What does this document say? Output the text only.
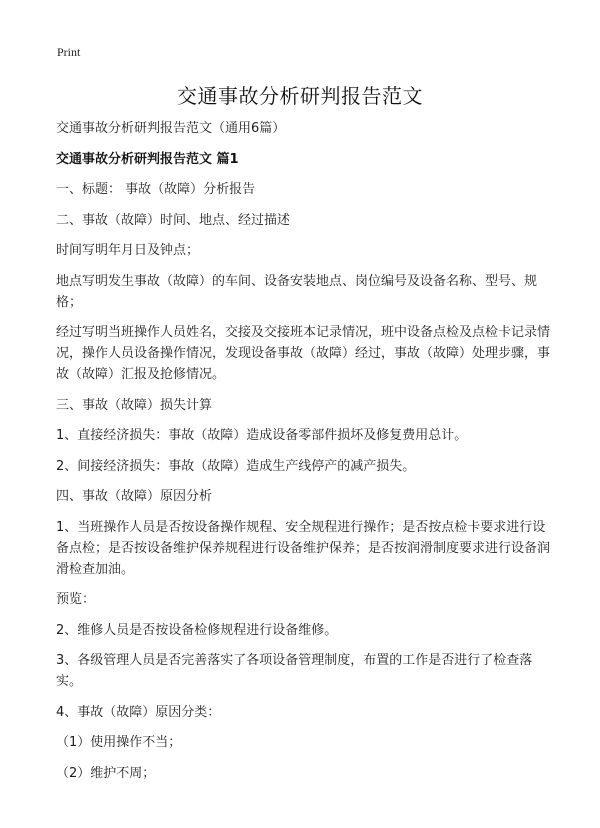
Print
交通事故分析研判报告范文

交通事故分析研判报告范文（通用6篇）

交通事故分析研判报告范文 篇1

一、标题： 事故（故障）分析报告

二、事故（故障）时间、地点、经过描述

时间写明年月日及钟点；

地点写明发生事故（故障）的车间、设备安装地点、岗位编号及设备名称、型号、规格；

经过写明当班操作人员姓名，交接及交接班本记录情况，班中设备点检及点检卡记录情况，操作人员设备操作情况，发现设备事故（故障）经过，事故（故障）处理步骤，事故（故障）汇报及抢修情况。

三、事故（故障）损失计算

1、直接经济损失：事故（故障）造成设备零部件损坏及修复费用总计。

2、间接经济损失：事故（故障）造成生产线停产的减产损失。

四、事故（故障）原因分析

1、当班操作人员是否按设备操作规程、安全规程进行操作；是否按点检卡要求进行设备点检；是否按设备维护保养规程进行设备维护保养；是否按润滑制度要求进行设备润滑检查加油。

预览：

2、维修人员是否按设备检修规程进行设备维修。

3、各级管理人员是否完善落实了各项设备管理制度，布置的工作是否进行了检查落实。

4、事故（故障）原因分类：

（1）使用操作不当；

（2）维护不周；
